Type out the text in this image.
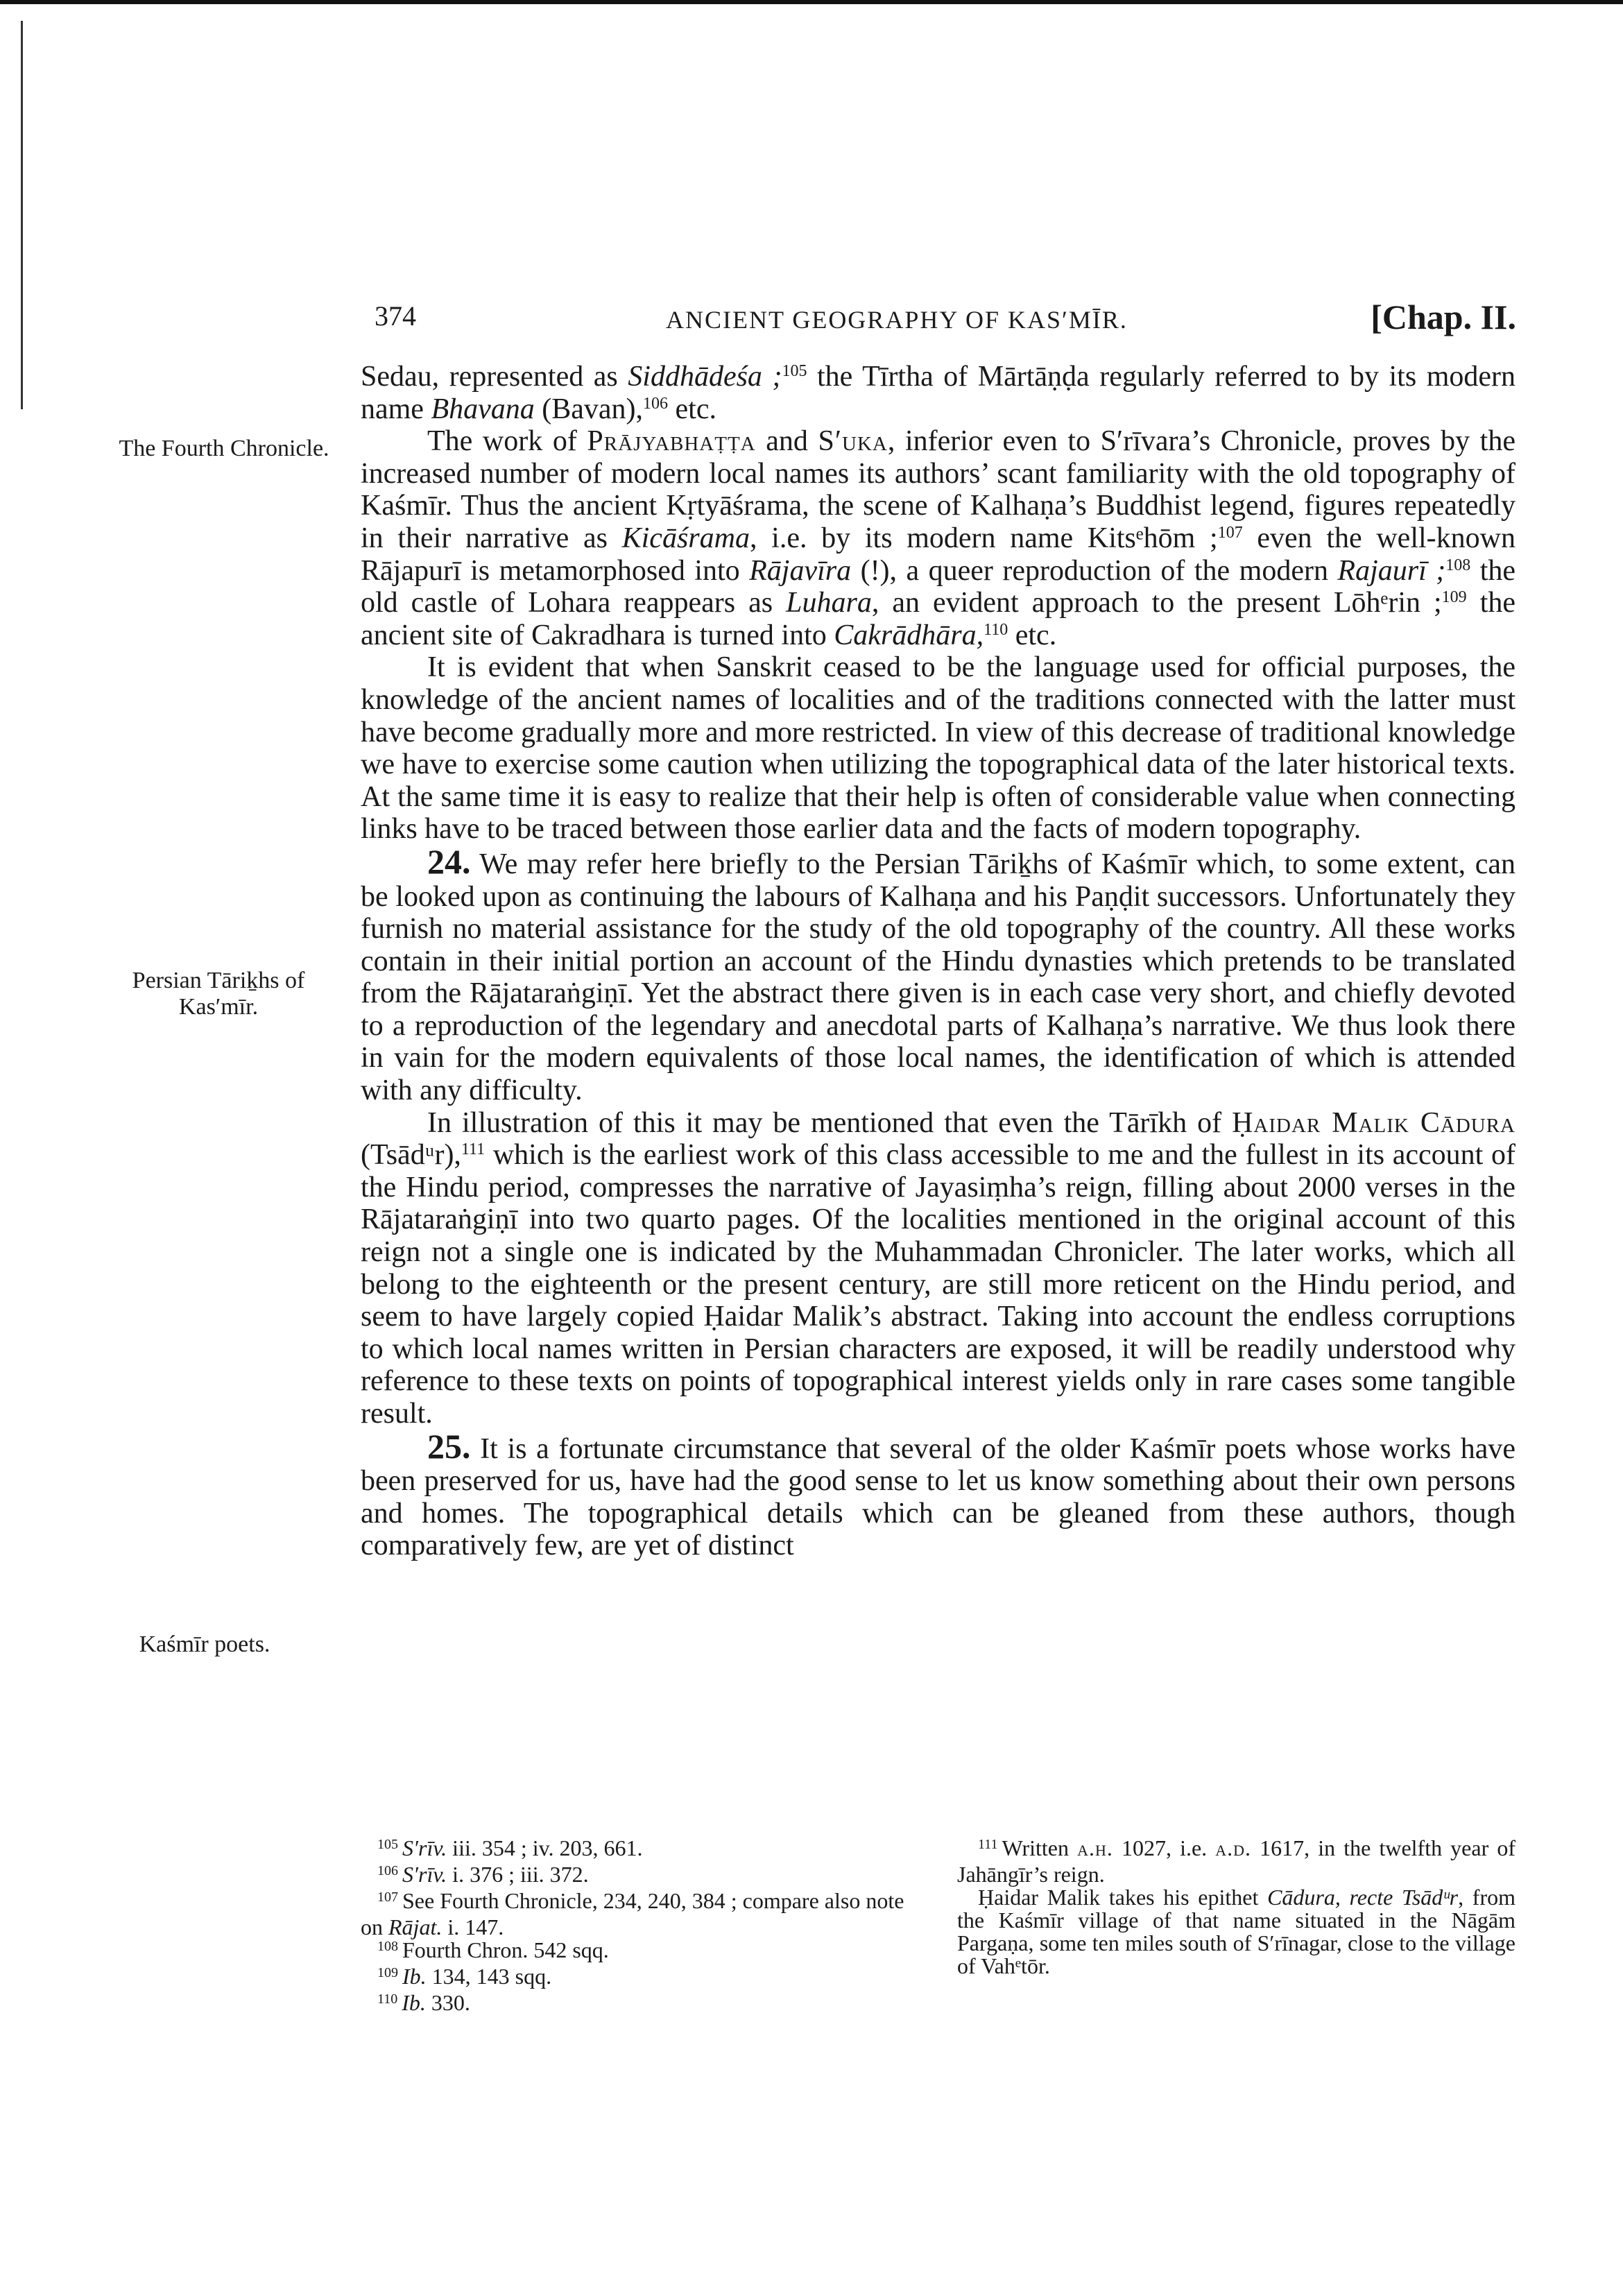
374	ANCIENT GEOGRAPHY OF KAS′MĪR.	[Chap. II.
The Fourth Chronicle.
Persian Tāriḵhs of Kas′mīr.
Kaśmīr poets.

Sedau, represented as Siddhādeśa ;$^{105}$ the Tīrtha of Mārtāṇḍa regularly referred to by its modern name Bhavana (Bavan),$^{106}$ etc.

The work of Prājyabhaṭṭa and S′uka, inferior even to S′rīvara’s Chronicle, proves by the increased number of modern local names its authors’ scant familiarity with the old topography of Kaśmīr. Thus the ancient Kṛtyāśrama, the scene of Kalhaṇa’s Buddhist legend, figures repeatedly in their narrative as Kicāśrama, i.e. by its modern name Kitsᵉhōm ;$^{107}$ even the well-known Rājapurī is metamorphosed into Rājavīra (!), a queer reproduction of the modern Rajaurī ;$^{108}$ the old castle of Lohara reappears as Luhara, an evident approach to the present Lōhᵉrin ;$^{109}$ the ancient site of Cakradhara is turned into Cakrādhāra,$^{110}$ etc.

It is evident that when Sanskrit ceased to be the language used for official purposes, the knowledge of the ancient names of localities and of the traditions connected with the latter must have become gradually more and more restricted. In view of this decrease of traditional knowledge we have to exercise some caution when utilizing the topographical data of the later historical texts. At the same time it is easy to realize that their help is often of considerable value when connecting links have to be traced between those earlier data and the facts of modern topography.

24. We may refer here briefly to the Persian Tāriḵhs of Kaśmīr which, to some extent, can be looked upon as continuing the labours of Kalhaṇa and his Paṇḍit successors. Unfortunately they furnish no material assistance for the study of the old topography of the country. All these works contain in their initial portion an account of the Hindu dynasties which pretends to be translated from the Rājataraṅgiṇī. Yet the abstract there given is in each case very short, and chiefly devoted to a reproduction of the legendary and anecdotal parts of Kalhaṇa’s narrative. We thus look there in vain for the modern equivalents of those local names, the identification of which is attended with any difficulty.

In illustration of this it may be mentioned that even the Tārīkh of Ḥaidar Malik Cādura (Tsādᵘr),$^{111}$ which is the earliest work of this class accessible to me and the fullest in its account of the Hindu period, compresses the narrative of Jayasiṃha’s reign, filling about 2000 verses in the Rājataraṅgiṇī into two quarto pages. Of the localities mentioned in the original account of this reign not a single one is indicated by the Muhammadan Chronicler. The later works, which all belong to the eighteenth or the present century, are still more reticent on the Hindu period, and seem to have largely copied Ḥaidar Malik’s abstract. Taking into account the endless corruptions to which local names written in Persian characters are exposed, it will be readily understood why reference to these texts on points of topographical interest yields only in rare cases some tangible result.

25. It is a fortunate circumstance that several of the older Kaśmīr poets whose works have been preserved for us, have had the good sense to let us know something about their own persons and homes. The topographical details which can be gleaned from these authors, though comparatively few, are yet of distinct

$^{105}$ S′rīv. iii. 354 ; iv. 203, 661.

$^{106}$ S′rīv. i. 376 ; iii. 372.

$^{107}$ See Fourth Chronicle, 234, 240, 384 ; compare also note on Rājat. i. 147.

$^{108}$ Fourth Chron. 542 sqq.

$^{109}$ Ib. 134, 143 sqq.

$^{110}$ Ib. 330.

$^{111}$ Written a.h. 1027, i.e. a.d. 1617, in the twelfth year of Jahāngīr’s reign.

Ḥaidar Malik takes his epithet Cādura, recte Tsādᵘr, from the Kaśmīr village of that name situated in the Nāgām Pargaṇa, some ten miles south of S′rīnagar, close to the village of Vahᵉtōr.
